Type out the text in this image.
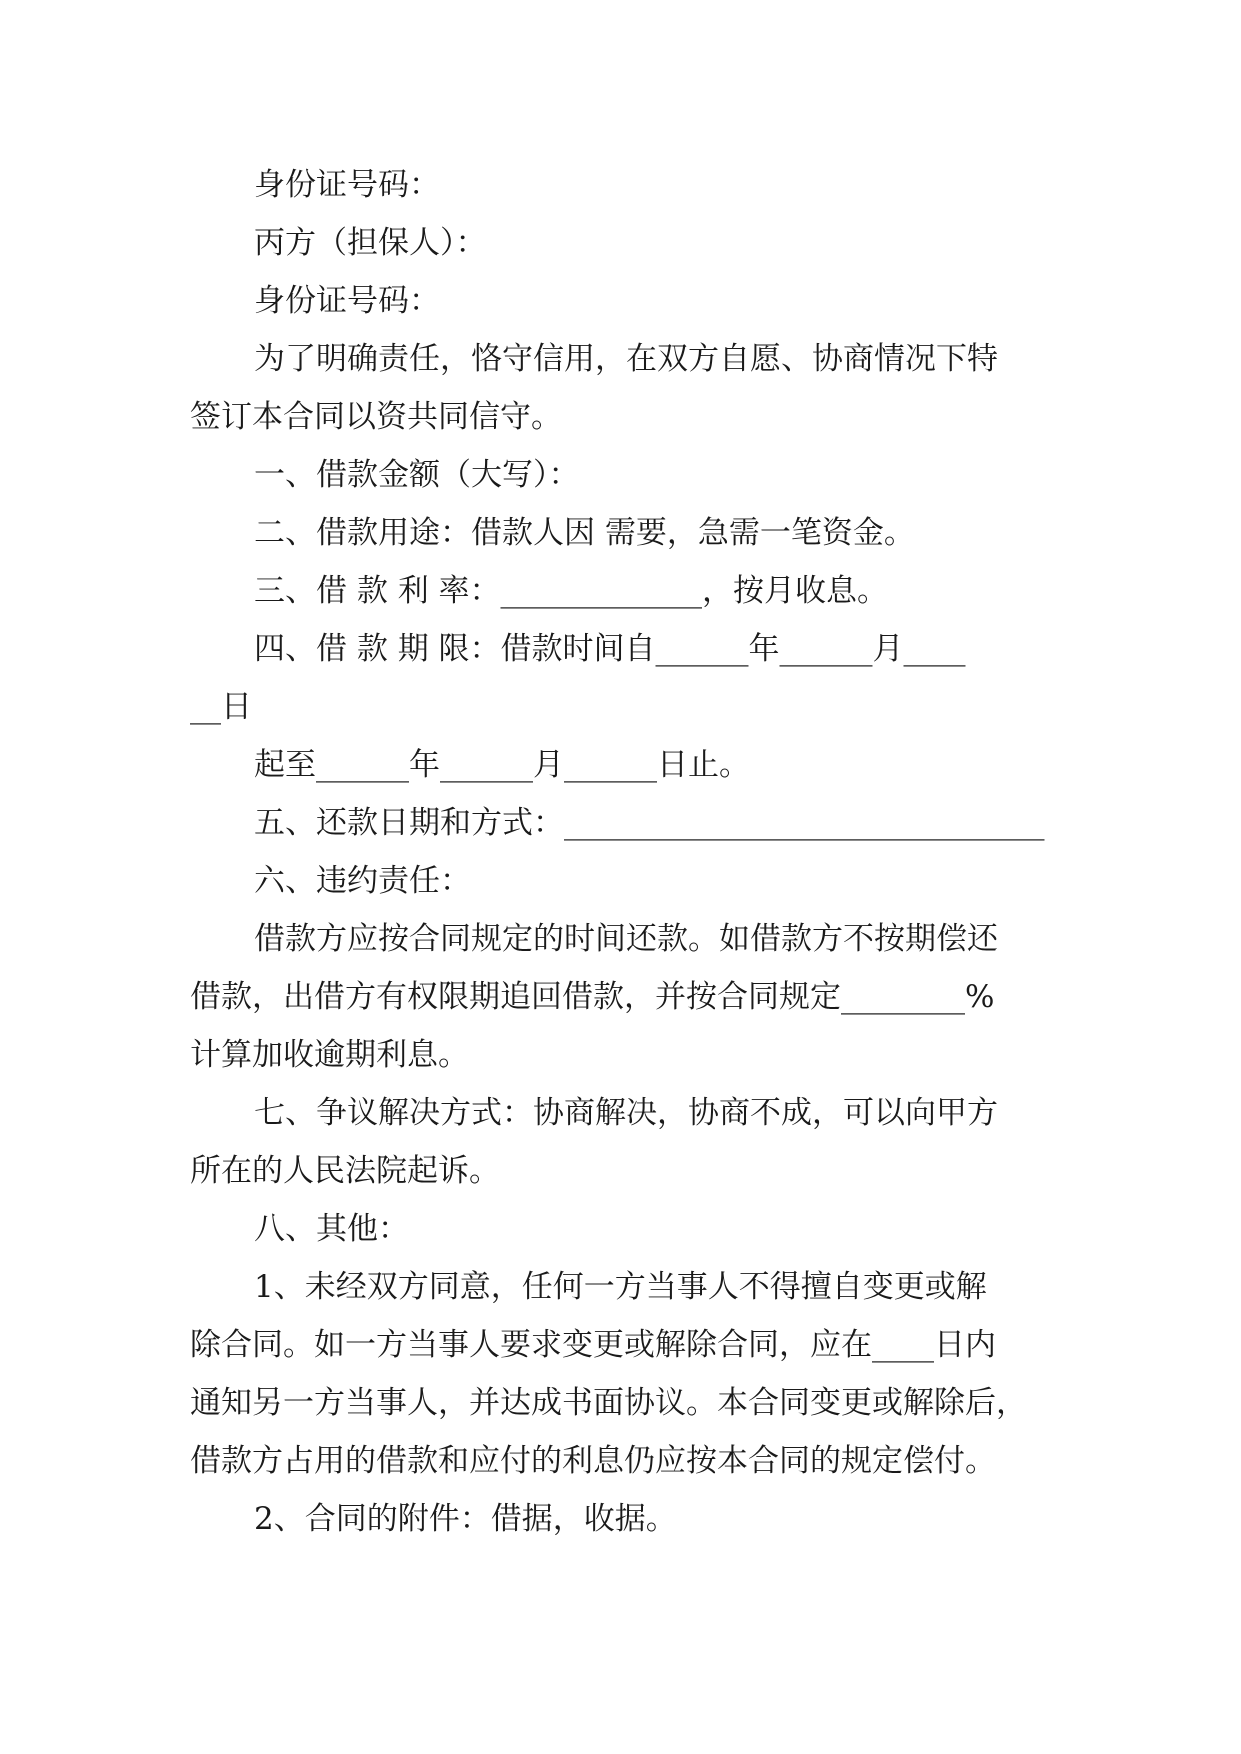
身份证号码：

丙方（担保人）：

身份证号码：

为了明确责任，恪守信用，在双方自愿、协商情况下特

签订本合同以资共同信守。

一、借款金额（大写）：

二、借款用途：借款人因 需要，急需一笔资金。

三、借 款 利 率：_____________，按月收息。

四、借 款 期 限：借款时间自______年______月____

__日

起至______年______月______日止。

五、还款日期和方式：_______________________________

六、违约责任：

借款方应按合同规定的时间还款。如借款方不按期偿还

借款，出借方有权限期追回借款，并按合同规定________%

计算加收逾期利息。

七、争议解决方式：协商解决，协商不成，可以向甲方

所在的人民法院起诉。

八、其他：

1、未经双方同意，任何一方当事人不得擅自变更或解

除合同。如一方当事人要求变更或解除合同，应在____日内

通知另一方当事人，并达成书面协议。本合同变更或解除后，

借款方占用的借款和应付的利息仍应按本合同的规定偿付。

2、合同的附件：借据，收据。
